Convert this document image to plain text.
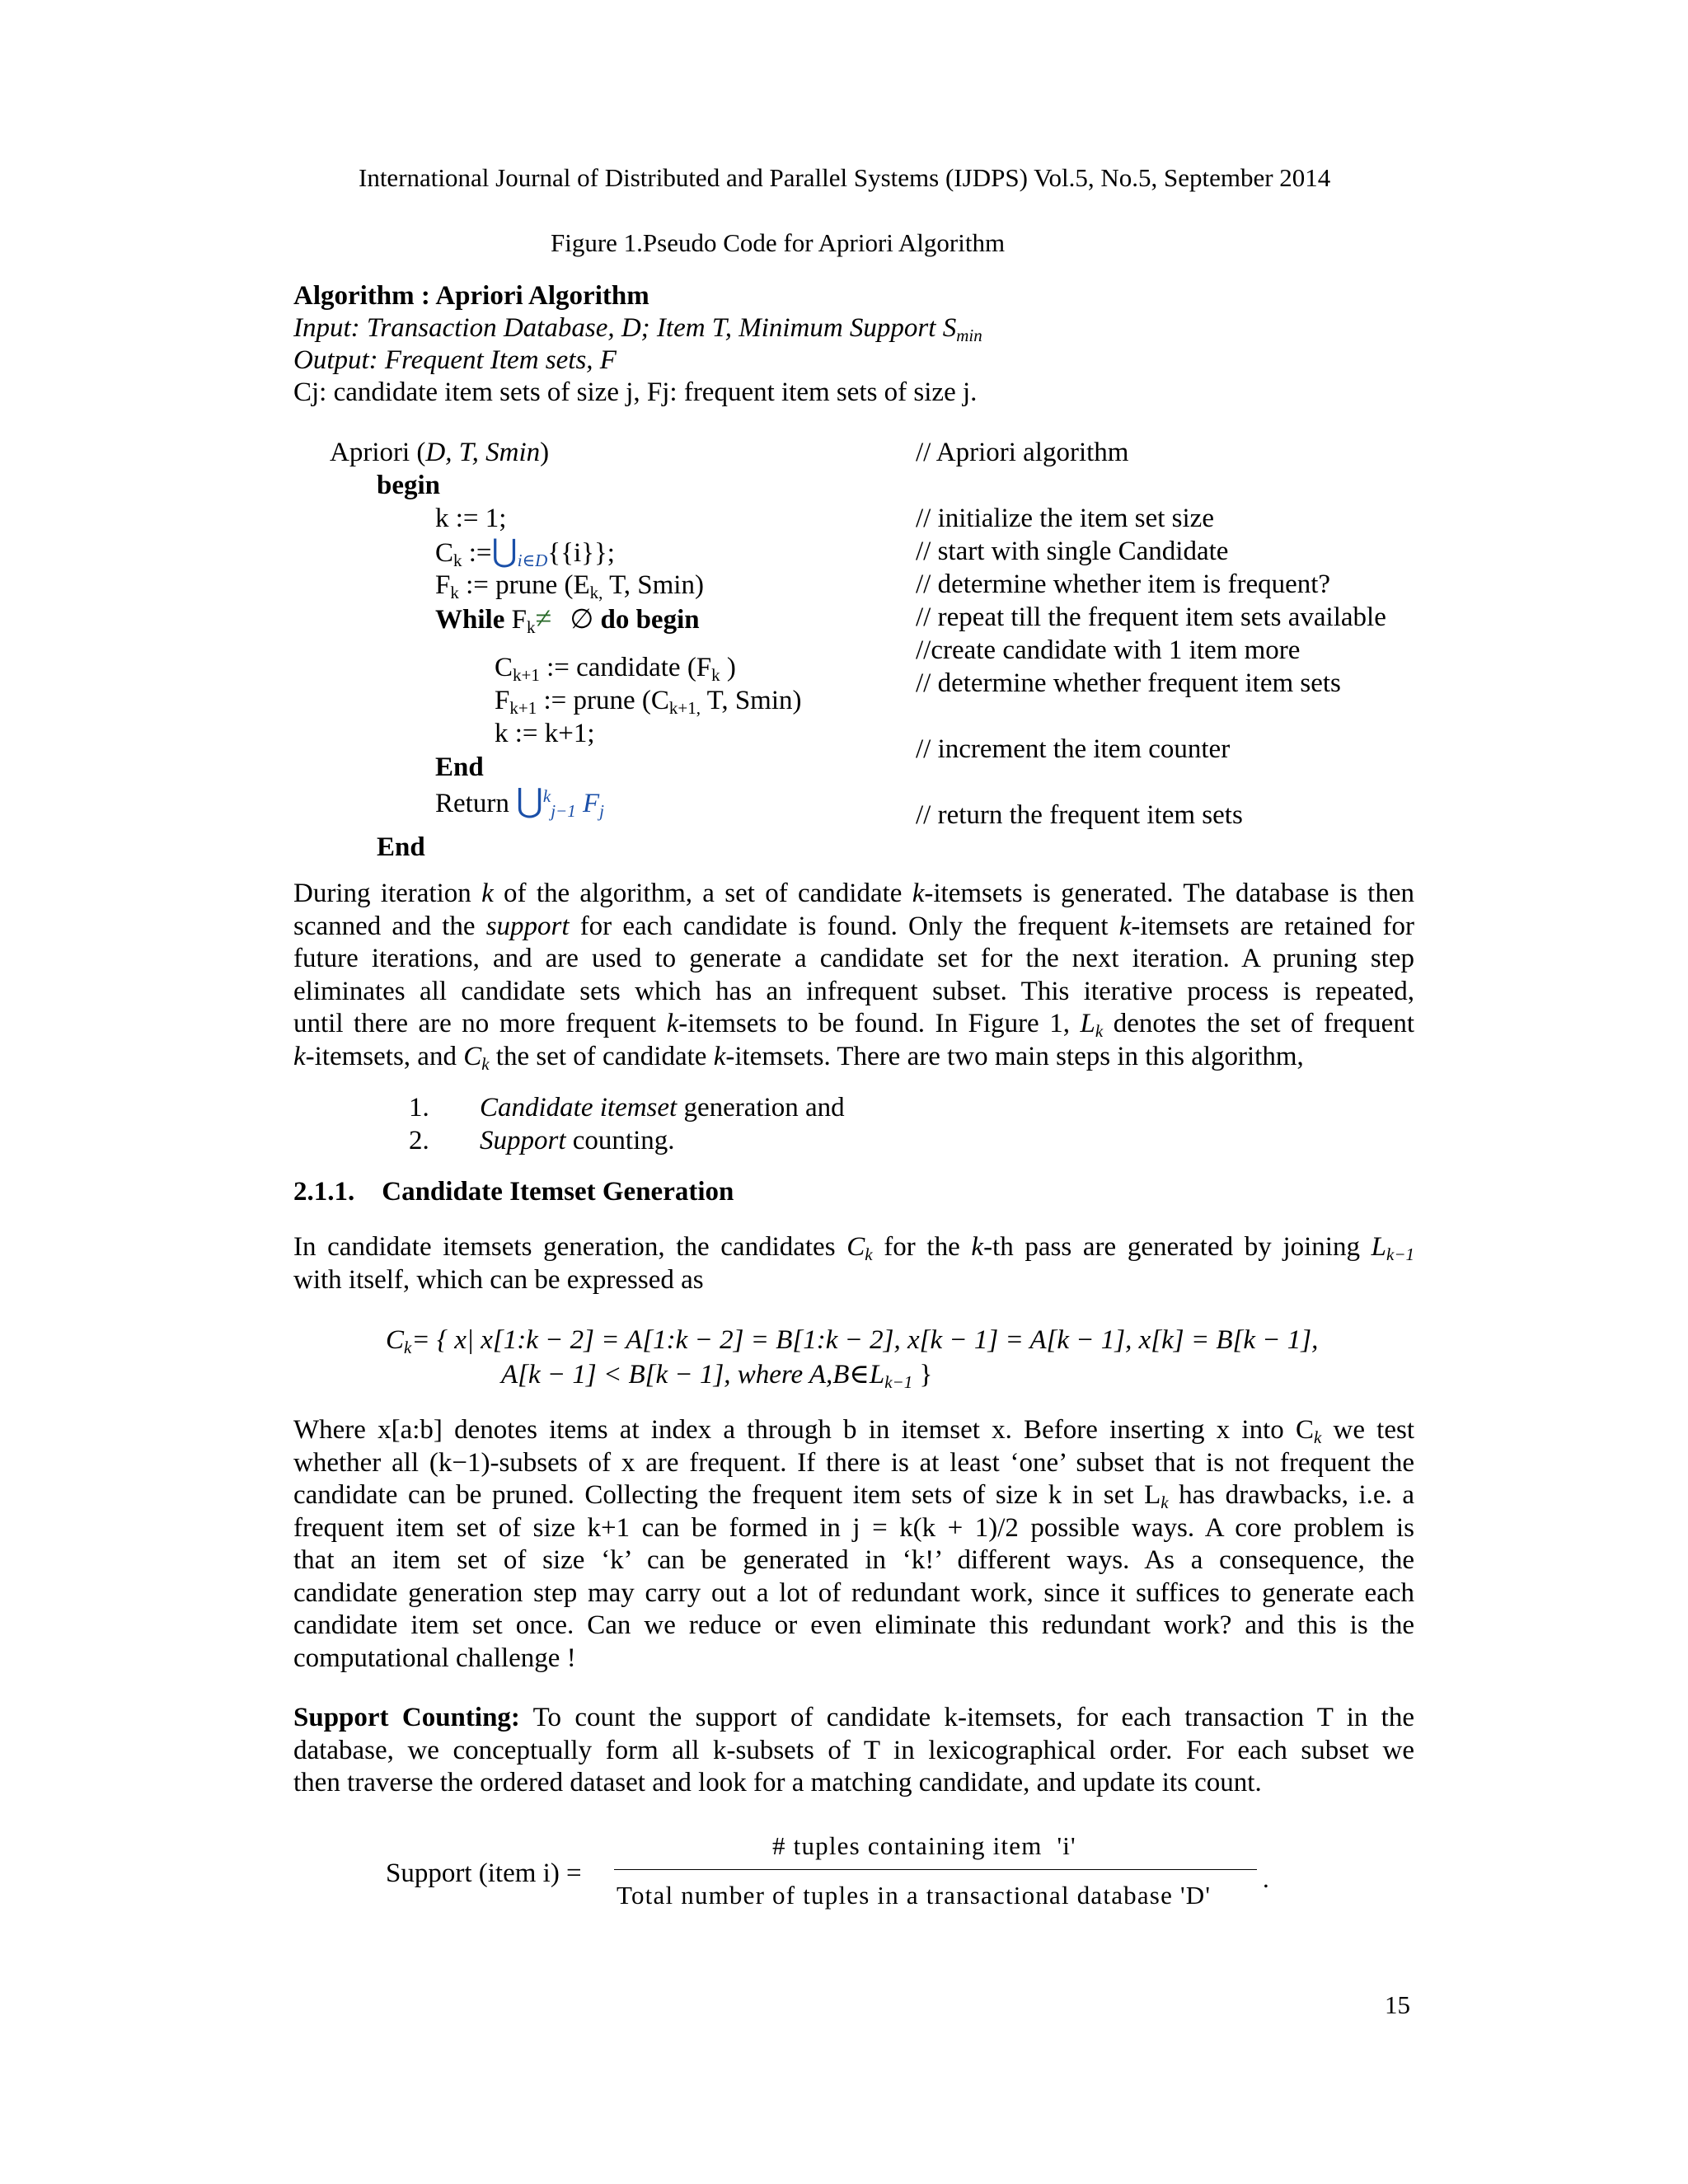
International Journal of Distributed and Parallel Systems (IJDPS) Vol.5, No.5, September 2014
Figure 1.Pseudo Code for Apriori Algorithm
Algorithm : Apriori Algorithm
Input: Transaction Database, D; Item T, Minimum Support $S_{min}$
Output: Frequent Item sets, F
Cj: candidate item sets of size j, Fj: frequent item sets of size j.
Apriori (D, T, Smin)
begin
k := 1;
$C_k$ $:=⋃_{i\in D}\{\{i\}\}$;
$F_k$ := prune ($E_{k,}$ T, Smin)
While $F_k\ne$ ∅ do begin
$C_{k+1}$ := candidate ($F_k$ )
$F_{k+1}$ := prune ($C_{k+1,}$ T, Smin)
k := k+1;
End
Return ⋃$^k_{j-1}$ $F_j$
End
// Apriori algorithm
// initialize the item set size
// start with single Candidate
// determine whether item is frequent?
// repeat till the frequent item sets available
//create candidate with 1 item more
// determine whether frequent item sets
// increment the item counter
// return the frequent item sets
During iteration k of the algorithm, a set of candidate k-itemsets is generated. The database is then
scanned and the support for each candidate is found. Only the frequent k-itemsets are retained for
future iterations, and are used to generate a candidate set for the next iteration. A pruning step
eliminates all candidate sets which has an infrequent subset. This iterative process is repeated,
until there are no more frequent k-itemsets to be found. In Figure 1, $L_k$ denotes the set of frequent
k-itemsets, and $C_k$ the set of candidate k-itemsets. There are two main steps in this algorithm,
1. Candidate itemset generation and
2. Support counting.
2.1.1.    Candidate Itemset Generation
In candidate itemsets generation, the candidates $C_k$ for the k-th pass are generated by joining $L_{k-1}$
with itself, which can be expressed as
$C_k=$ { x| x[1:k − 2] = A[1:k − 2] = B[1:k − 2], x[k − 1] = A[k − 1], x[k] = B[k − 1],
A[k − 1] < B[k − 1], where $A,B\in L_{k-1}$ }
Where x[a:b] denotes items at index a through b in itemset x. Before inserting x into $C_k$ we test
whether all (k−1)-subsets of x are frequent. If there is at least ‘one’ subset that is not frequent the
candidate can be pruned. Collecting the frequent item sets of size k in set $L_k$ has drawbacks, i.e. a
frequent item set of size k+1 can be formed in j = k(k + 1)/2 possible ways. A core problem is
that an item set of size ‘k’ can be generated in ‘k!’ different ways. As a consequence, the
candidate generation step may carry out a lot of redundant work, since it suffices to generate each
candidate item set once. Can we reduce or even eliminate this redundant work? and this is the
computational challenge !
Support Counting: To count the support of candidate k-itemsets, for each transaction T in the
database, we conceptually form all k-subsets of T in lexicographical order. For each subset we
then traverse the ordered dataset and look for a matching candidate, and update its count.
Support (item i) =
# tuples containing item  'i'
Total number of tuples in a transactional database 'D'
.
15
